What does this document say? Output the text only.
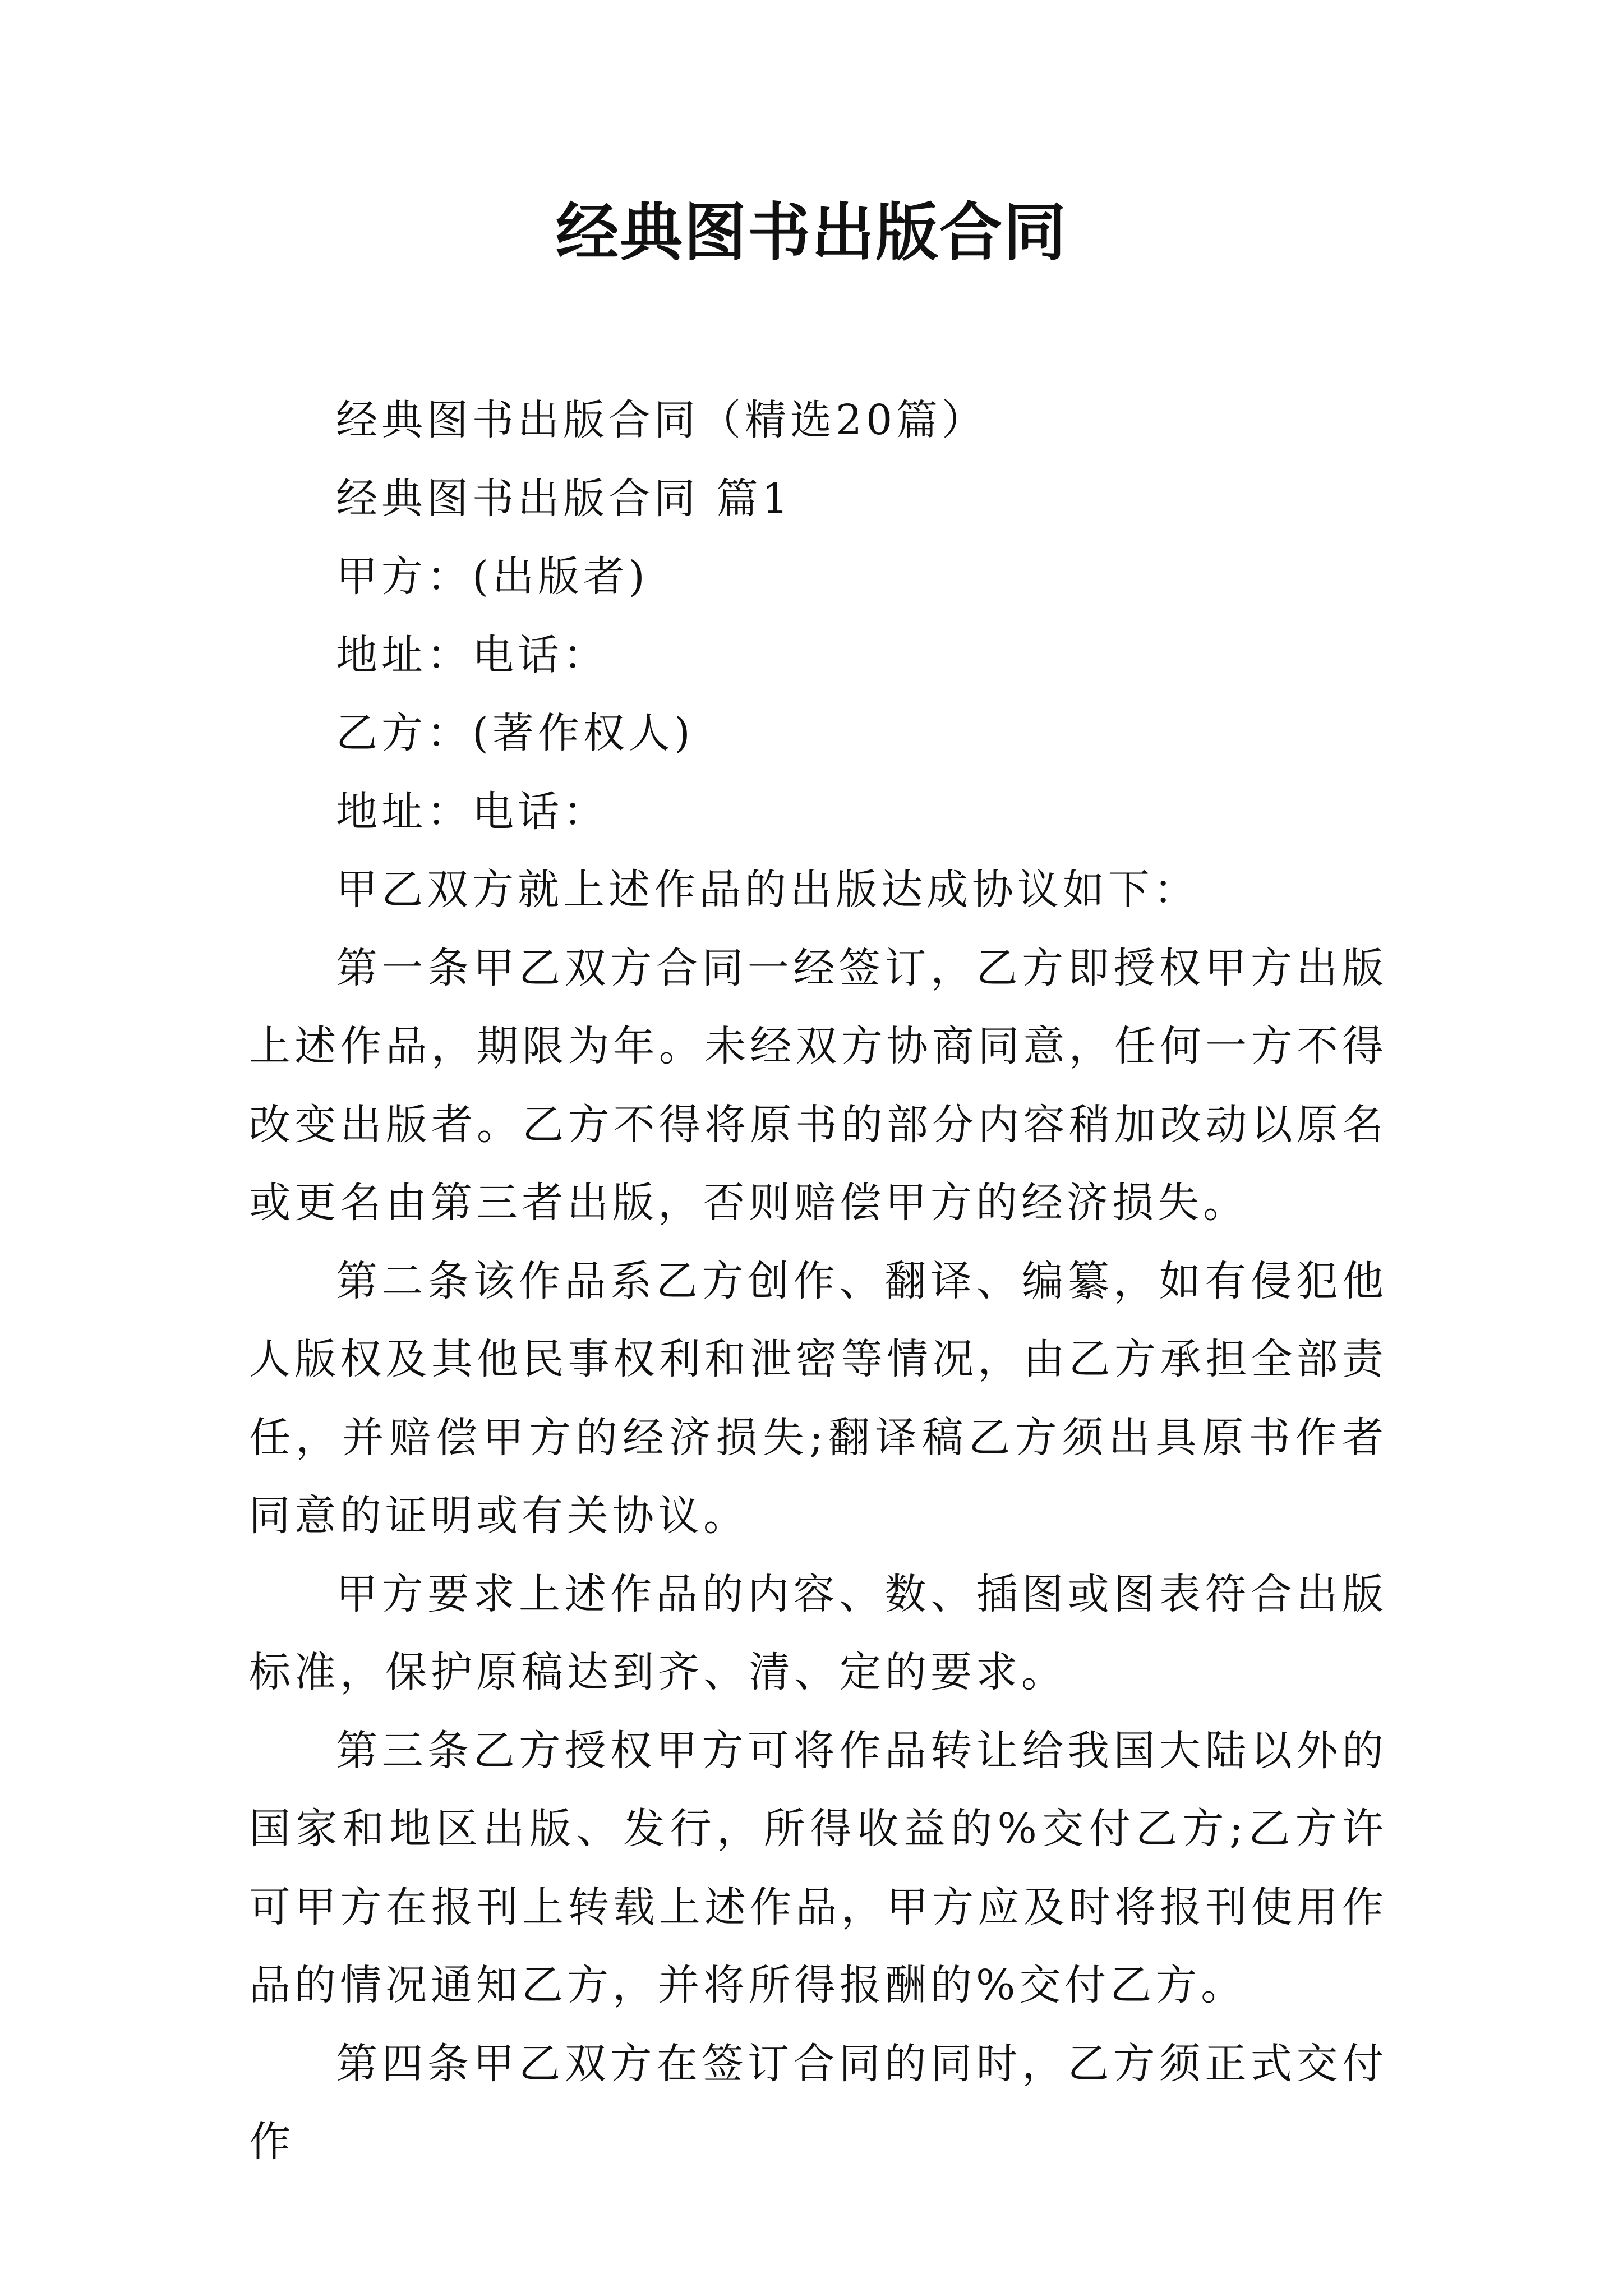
经典图书出版合同

经典图书出版合同（精选20篇）

经典图书出版合同 篇1

甲方：(出版者)

地址：电话：

乙方：(著作权人)

地址：电话：

甲乙双方就上述作品的出版达成协议如下：

第一条甲乙双方合同一经签订，乙方即授权甲方出版上述作品，期限为年。未经双方协商同意，任何一方不得改变出版者。乙方不得将原书的部分内容稍加改动以原名或更名由第三者出版，否则赔偿甲方的经济损失。

第二条该作品系乙方创作、翻译、编纂，如有侵犯他人版权及其他民事权利和泄密等情况，由乙方承担全部责任，并赔偿甲方的经济损失;翻译稿乙方须出具原书作者同意的证明或有关协议。

甲方要求上述作品的内容、数、插图或图表符合出版标准，保护原稿达到齐、清、定的要求。

第三条乙方授权甲方可将作品转让给我国大陆以外的国家和地区出版、发行，所得收益的%交付乙方;乙方许可甲方在报刊上转载上述作品，甲方应及时将报刊使用作品的情况通知乙方，并将所得报酬的%交付乙方。

第四条甲乙双方在签订合同的同时，乙方须正式交付作
